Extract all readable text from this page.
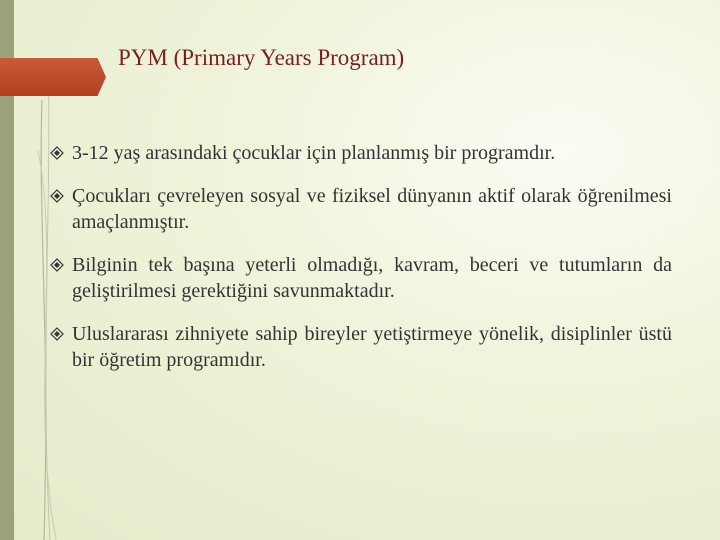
PYM (Primary Years Program)
3-12 yaş arasındaki çocuklar için planlanmış bir programdır.
Çocukları çevreleyen sosyal ve fiziksel dünyanın aktif olarak öğrenilmesi amaçlanmıştır.
Bilginin tek başına yeterli olmadığı, kavram, beceri ve tutumların da geliştirilmesi gerektiğini savunmaktadır.
Uluslararası zihniyete sahip bireyler yetiştirmeye yönelik, disiplinler üstü bir öğretim programıdır.
